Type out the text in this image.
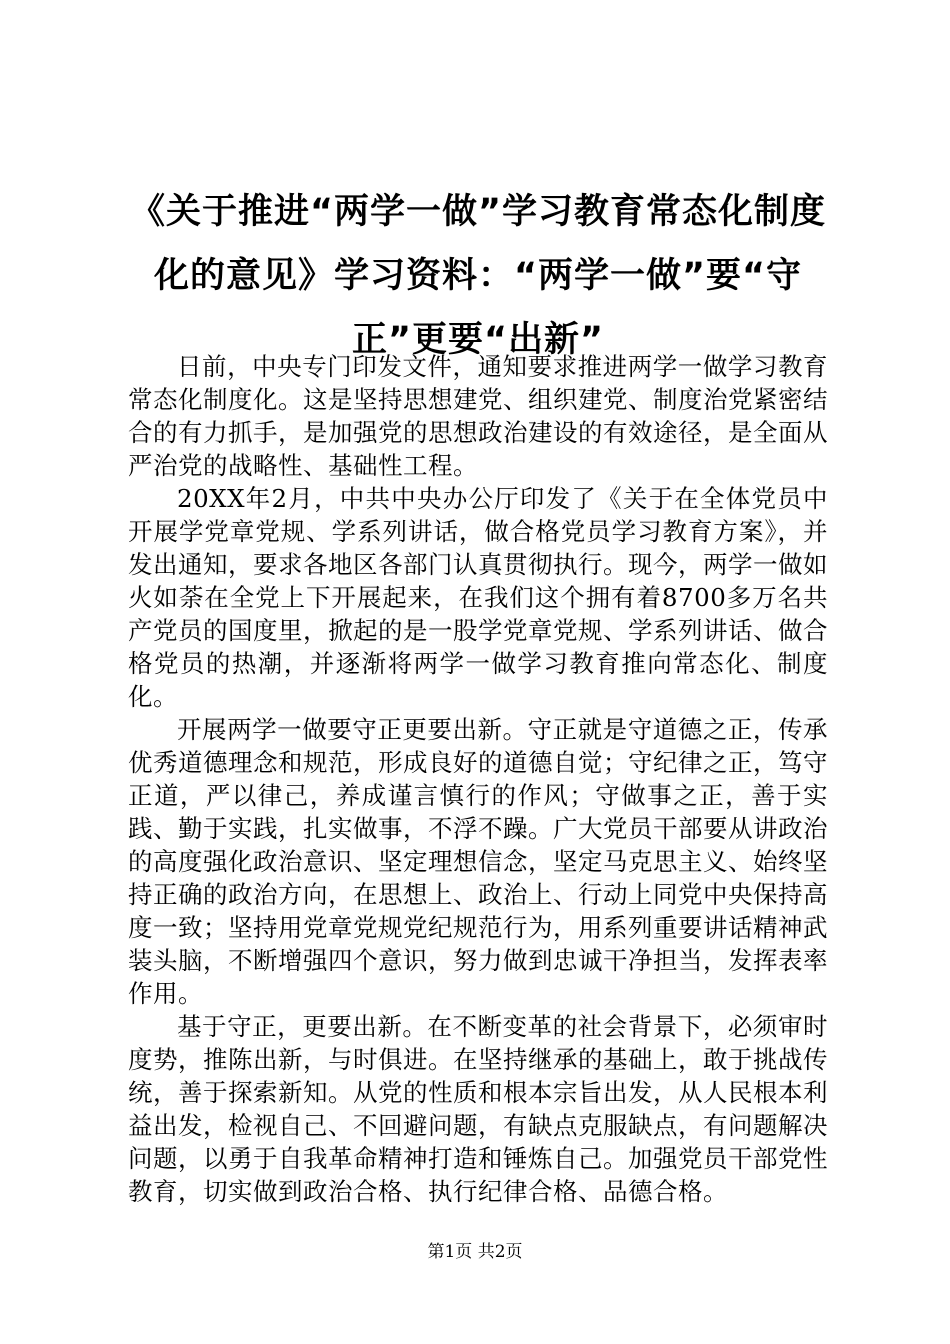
《关于推进“两学一做”学习教育常态化制度化的意见》学习资料：“两学一做”要“守正”更要“出新”

日前，中央专门印发文件，通知要求推进两学一做学习教育常态化制度化。这是坚持思想建党、组织建党、制度治党紧密结合的有力抓手，是加强党的思想政治建设的有效途径，是全面从严治党的战略性、基础性工程。

20XX年2月，中共中央办公厅印发了《关于在全体党员中开展学党章党规、学系列讲话，做合格党员学习教育方案》，并发出通知，要求各地区各部门认真贯彻执行。现今，两学一做如火如荼在全党上下开展起来，在我们这个拥有着8700多万名共产党员的国度里，掀起的是一股学党章党规、学系列讲话、做合格党员的热潮，并逐渐将两学一做学习教育推向常态化、制度化。

开展两学一做要守正更要出新。守正就是守道德之正，传承优秀道德理念和规范，形成良好的道德自觉；守纪律之正，笃守正道，严以律己，养成谨言慎行的作风；守做事之正，善于实践、勤于实践，扎实做事，不浮不躁。广大党员干部要从讲政治的高度强化政治意识、坚定理想信念，坚定马克思主义、始终坚持正确的政治方向，在思想上、政治上、行动上同党中央保持高度一致；坚持用党章党规党纪规范行为，用系列重要讲话精神武装头脑，不断增强四个意识，努力做到忠诚干净担当，发挥表率作用。

基于守正，更要出新。在不断变革的社会背景下，必须审时度势，推陈出新，与时俱进。在坚持继承的基础上，敢于挑战传统，善于探索新知。从党的性质和根本宗旨出发，从人民根本利益出发，检视自己、不回避问题，有缺点克服缺点，有问题解决问题，以勇于自我革命精神打造和锤炼自己。加强党员干部党性教育，切实做到政治合格、执行纪律合格、品德合格。

第1页 共2页
